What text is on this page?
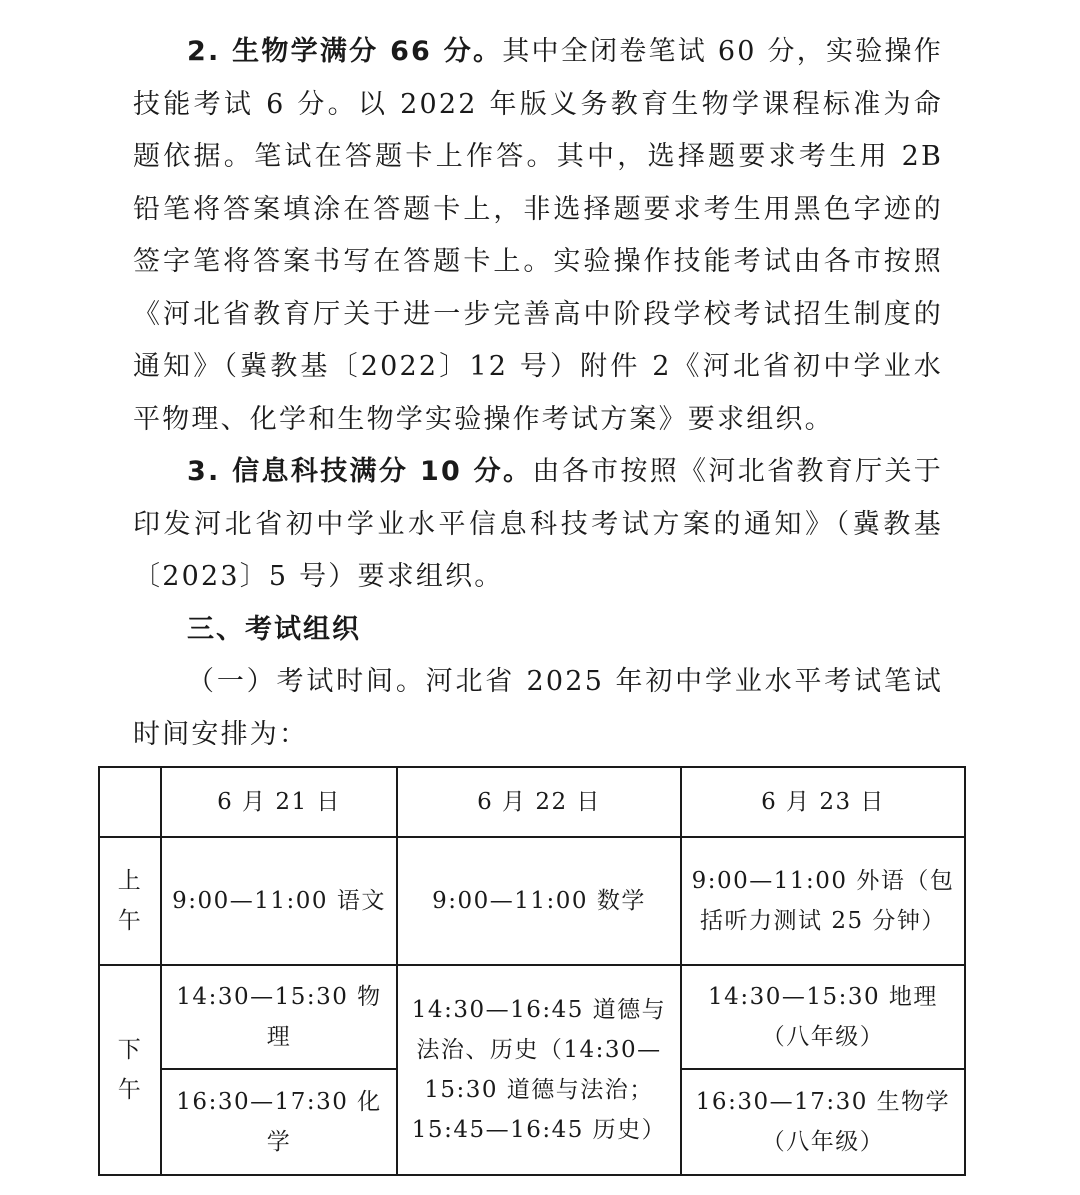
2. 生物学满分 66 分。其中全闭卷笔试 60 分，实验操作技能考试 6 分。以 2022 年版义务教育生物学课程标准为命题依据。笔试在答题卡上作答。其中，选择题要求考生用 2B 铅笔将答案填涂在答题卡上，非选择题要求考生用黑色字迹的签字笔将答案书写在答题卡上。实验操作技能考试由各市按照《河北省教育厅关于进一步完善高中阶段学校考试招生制度的通知》（冀教基〔2022〕12 号）附件 2《河北省初中学业水平物理、化学和生物学实验操作考试方案》要求组织。

3. 信息科技满分 10 分。由各市按照《河北省教育厅关于印发河北省初中学业水平信息科技考试方案的通知》（冀教基〔2023〕5 号）要求组织。

三、考试组织

（一）考试时间。河北省 2025 年初中学业水平考试笔试时间安排为：

	6 月 21 日	6 月 22 日	6 月 23 日

上
午	9:00—11:00 语文	9:00—11:00 数学	9:00—11:00 外语（包括听力测试 25 分钟）

下
午	14:30—15:30 物理	14:30—16:45 道德与法治、历史（14:30—15:30 道德与法治；15:45—16:45 历史）	14:30—15:30 地理（八年级）
	16:30—17:30 化学		16:30—17:30 生物学（八年级）
